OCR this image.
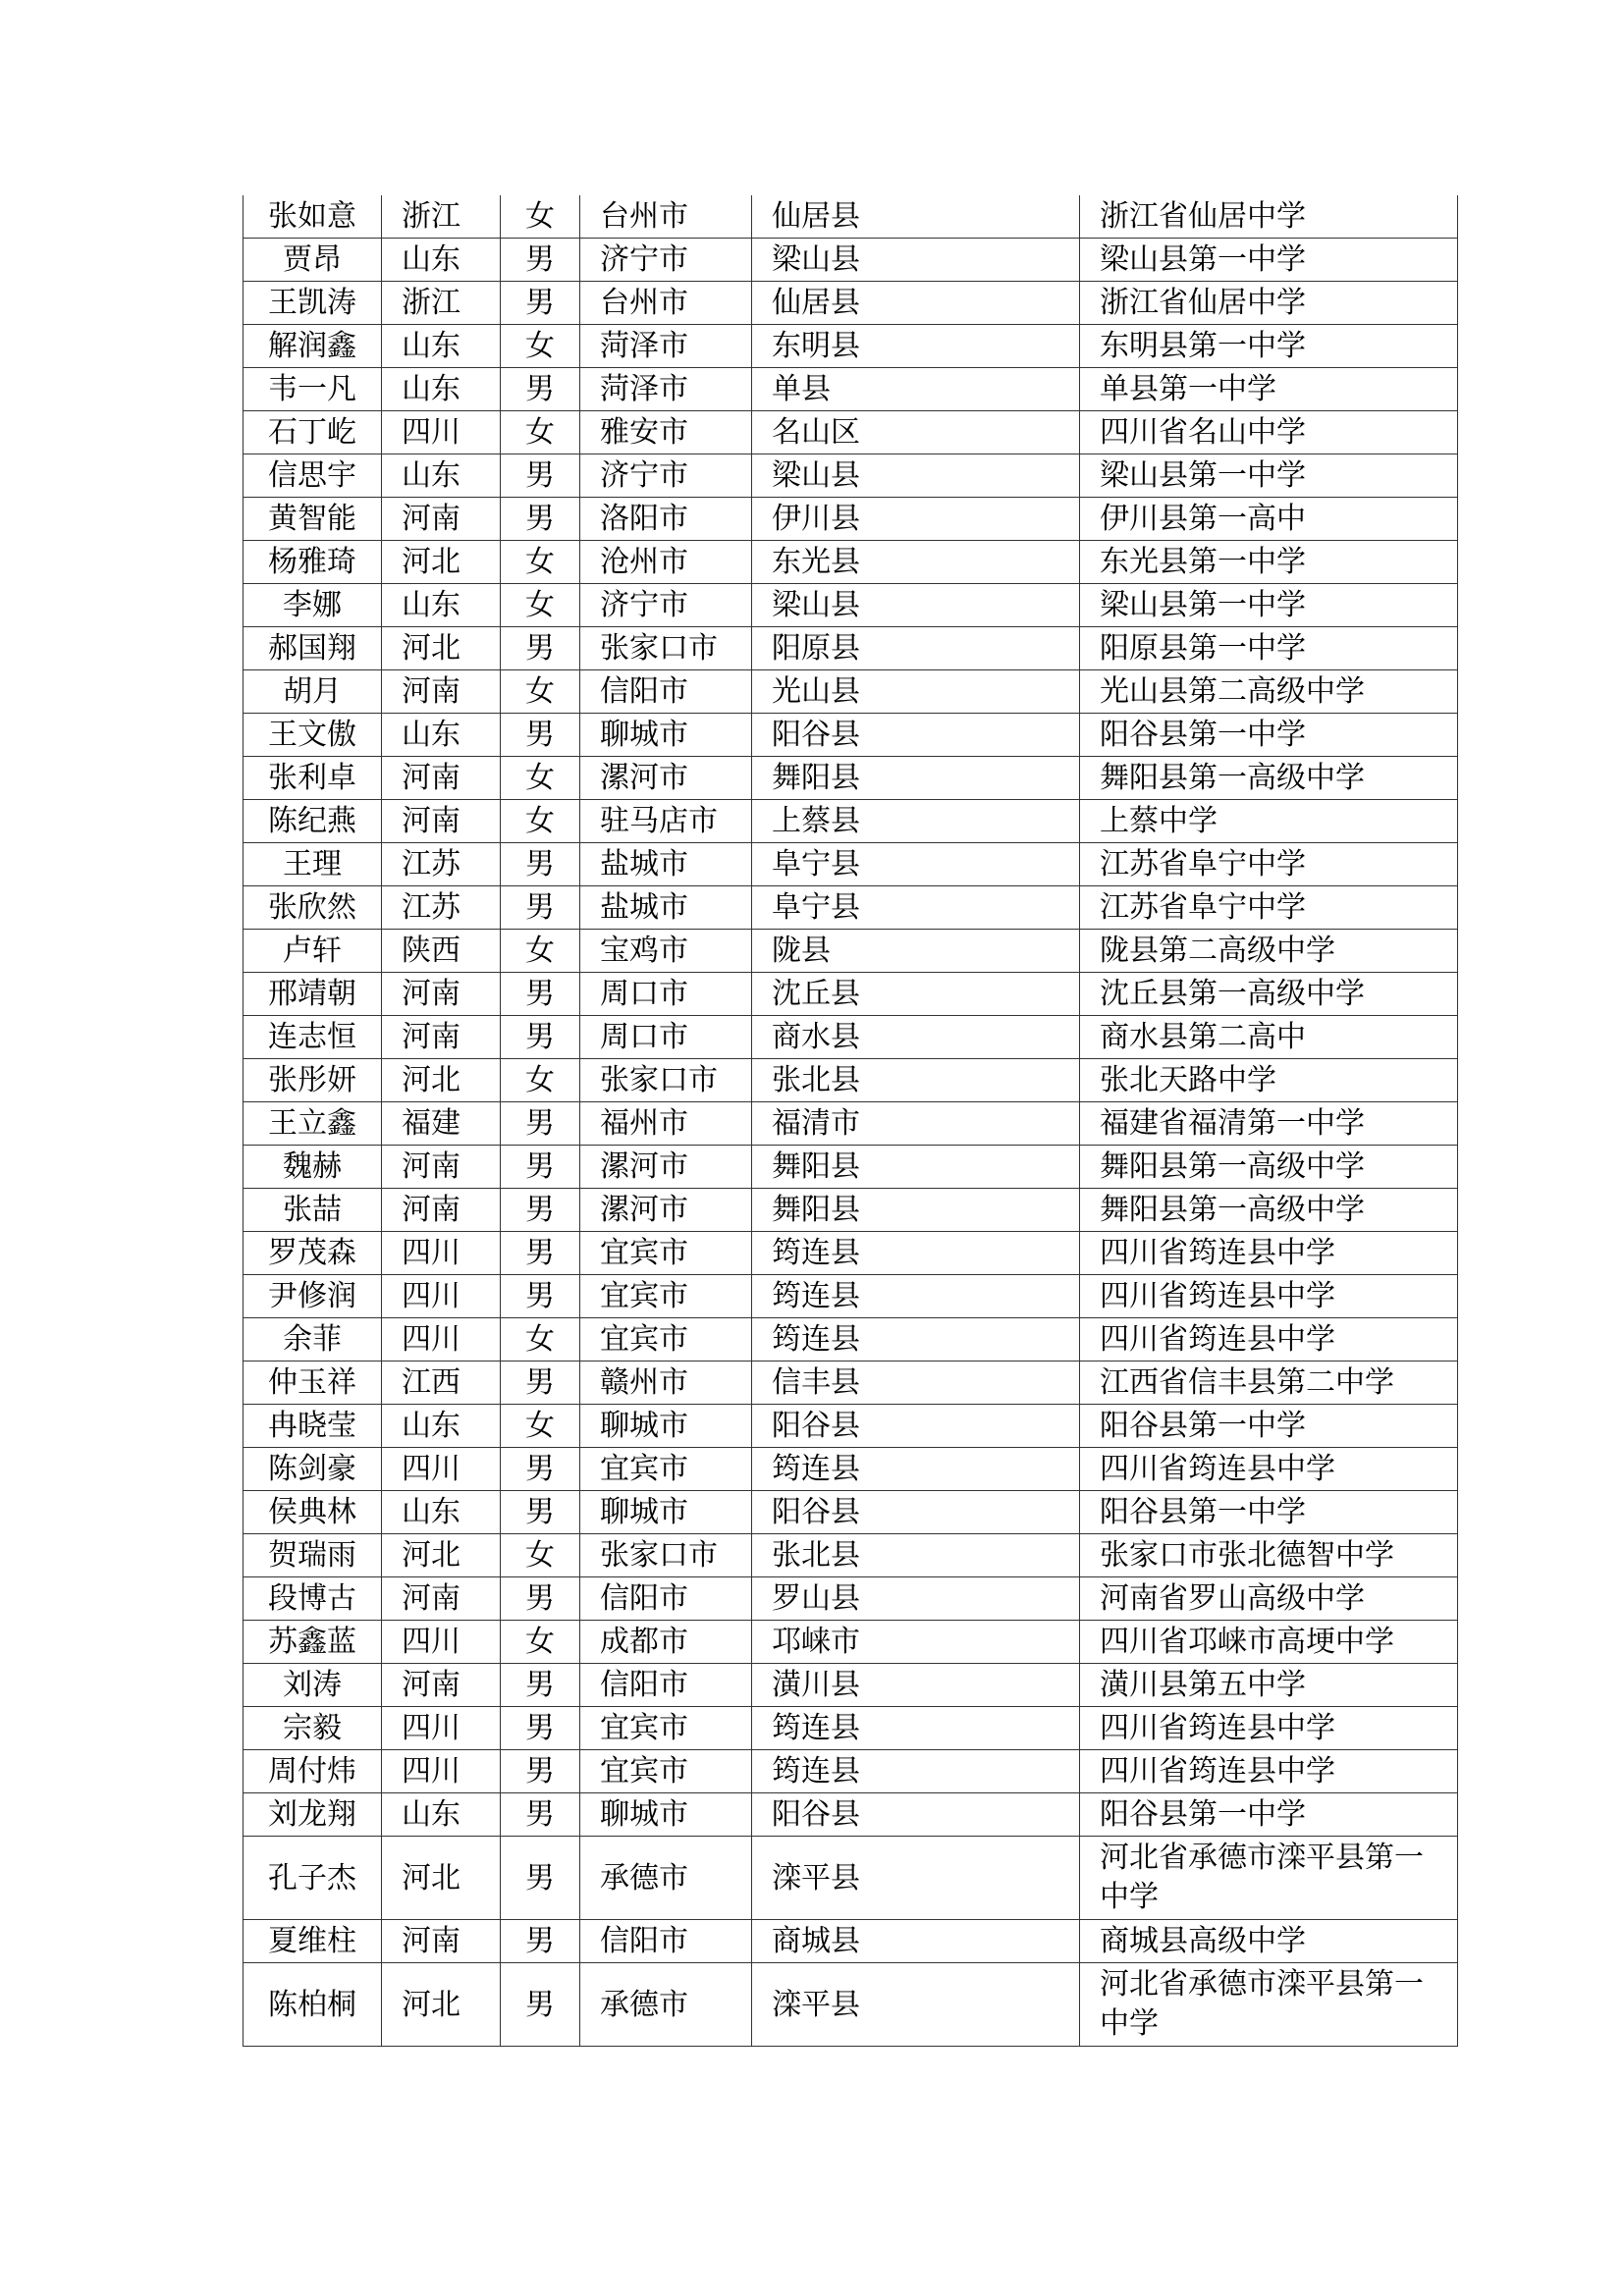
张如意	浙江	女	台州市	仙居县	浙江省仙居中学
贾昂	山东	男	济宁市	梁山县	梁山县第一中学
王凯涛	浙江	男	台州市	仙居县	浙江省仙居中学
解润鑫	山东	女	菏泽市	东明县	东明县第一中学
韦一凡	山东	男	菏泽市	单县	单县第一中学
石丁屹	四川	女	雅安市	名山区	四川省名山中学
信思宇	山东	男	济宁市	梁山县	梁山县第一中学
黄智能	河南	男	洛阳市	伊川县	伊川县第一高中
杨雅琦	河北	女	沧州市	东光县	东光县第一中学
李娜	山东	女	济宁市	梁山县	梁山县第一中学
郝国翔	河北	男	张家口市	阳原县	阳原县第一中学
胡月	河南	女	信阳市	光山县	光山县第二高级中学
王文傲	山东	男	聊城市	阳谷县	阳谷县第一中学
张利卓	河南	女	漯河市	舞阳县	舞阳县第一高级中学
陈纪燕	河南	女	驻马店市	上蔡县	上蔡中学
王理	江苏	男	盐城市	阜宁县	江苏省阜宁中学
张欣然	江苏	男	盐城市	阜宁县	江苏省阜宁中学
卢轩	陕西	女	宝鸡市	陇县	陇县第二高级中学
邢靖朝	河南	男	周口市	沈丘县	沈丘县第一高级中学
连志恒	河南	男	周口市	商水县	商水县第二高中
张彤妍	河北	女	张家口市	张北县	张北天路中学
王立鑫	福建	男	福州市	福清市	福建省福清第一中学
魏赫	河南	男	漯河市	舞阳县	舞阳县第一高级中学
张喆	河南	男	漯河市	舞阳县	舞阳县第一高级中学
罗茂森	四川	男	宜宾市	筠连县	四川省筠连县中学
尹修润	四川	男	宜宾市	筠连县	四川省筠连县中学
余菲	四川	女	宜宾市	筠连县	四川省筠连县中学
仲玉祥	江西	男	赣州市	信丰县	江西省信丰县第二中学
冉晓莹	山东	女	聊城市	阳谷县	阳谷县第一中学
陈剑豪	四川	男	宜宾市	筠连县	四川省筠连县中学
侯典林	山东	男	聊城市	阳谷县	阳谷县第一中学
贺瑞雨	河北	女	张家口市	张北县	张家口市张北德智中学
段博古	河南	男	信阳市	罗山县	河南省罗山高级中学
苏鑫蓝	四川	女	成都市	邛崃市	四川省邛崃市高埂中学
刘涛	河南	男	信阳市	潢川县	潢川县第五中学
宗毅	四川	男	宜宾市	筠连县	四川省筠连县中学
周付炜	四川	男	宜宾市	筠连县	四川省筠连县中学
刘龙翔	山东	男	聊城市	阳谷县	阳谷县第一中学
孔子杰	河北	男	承德市	滦平县	河北省承德市滦平县第一中学
夏维柱	河南	男	信阳市	商城县	商城县高级中学
陈柏桐	河北	男	承德市	滦平县	河北省承德市滦平县第一中学
